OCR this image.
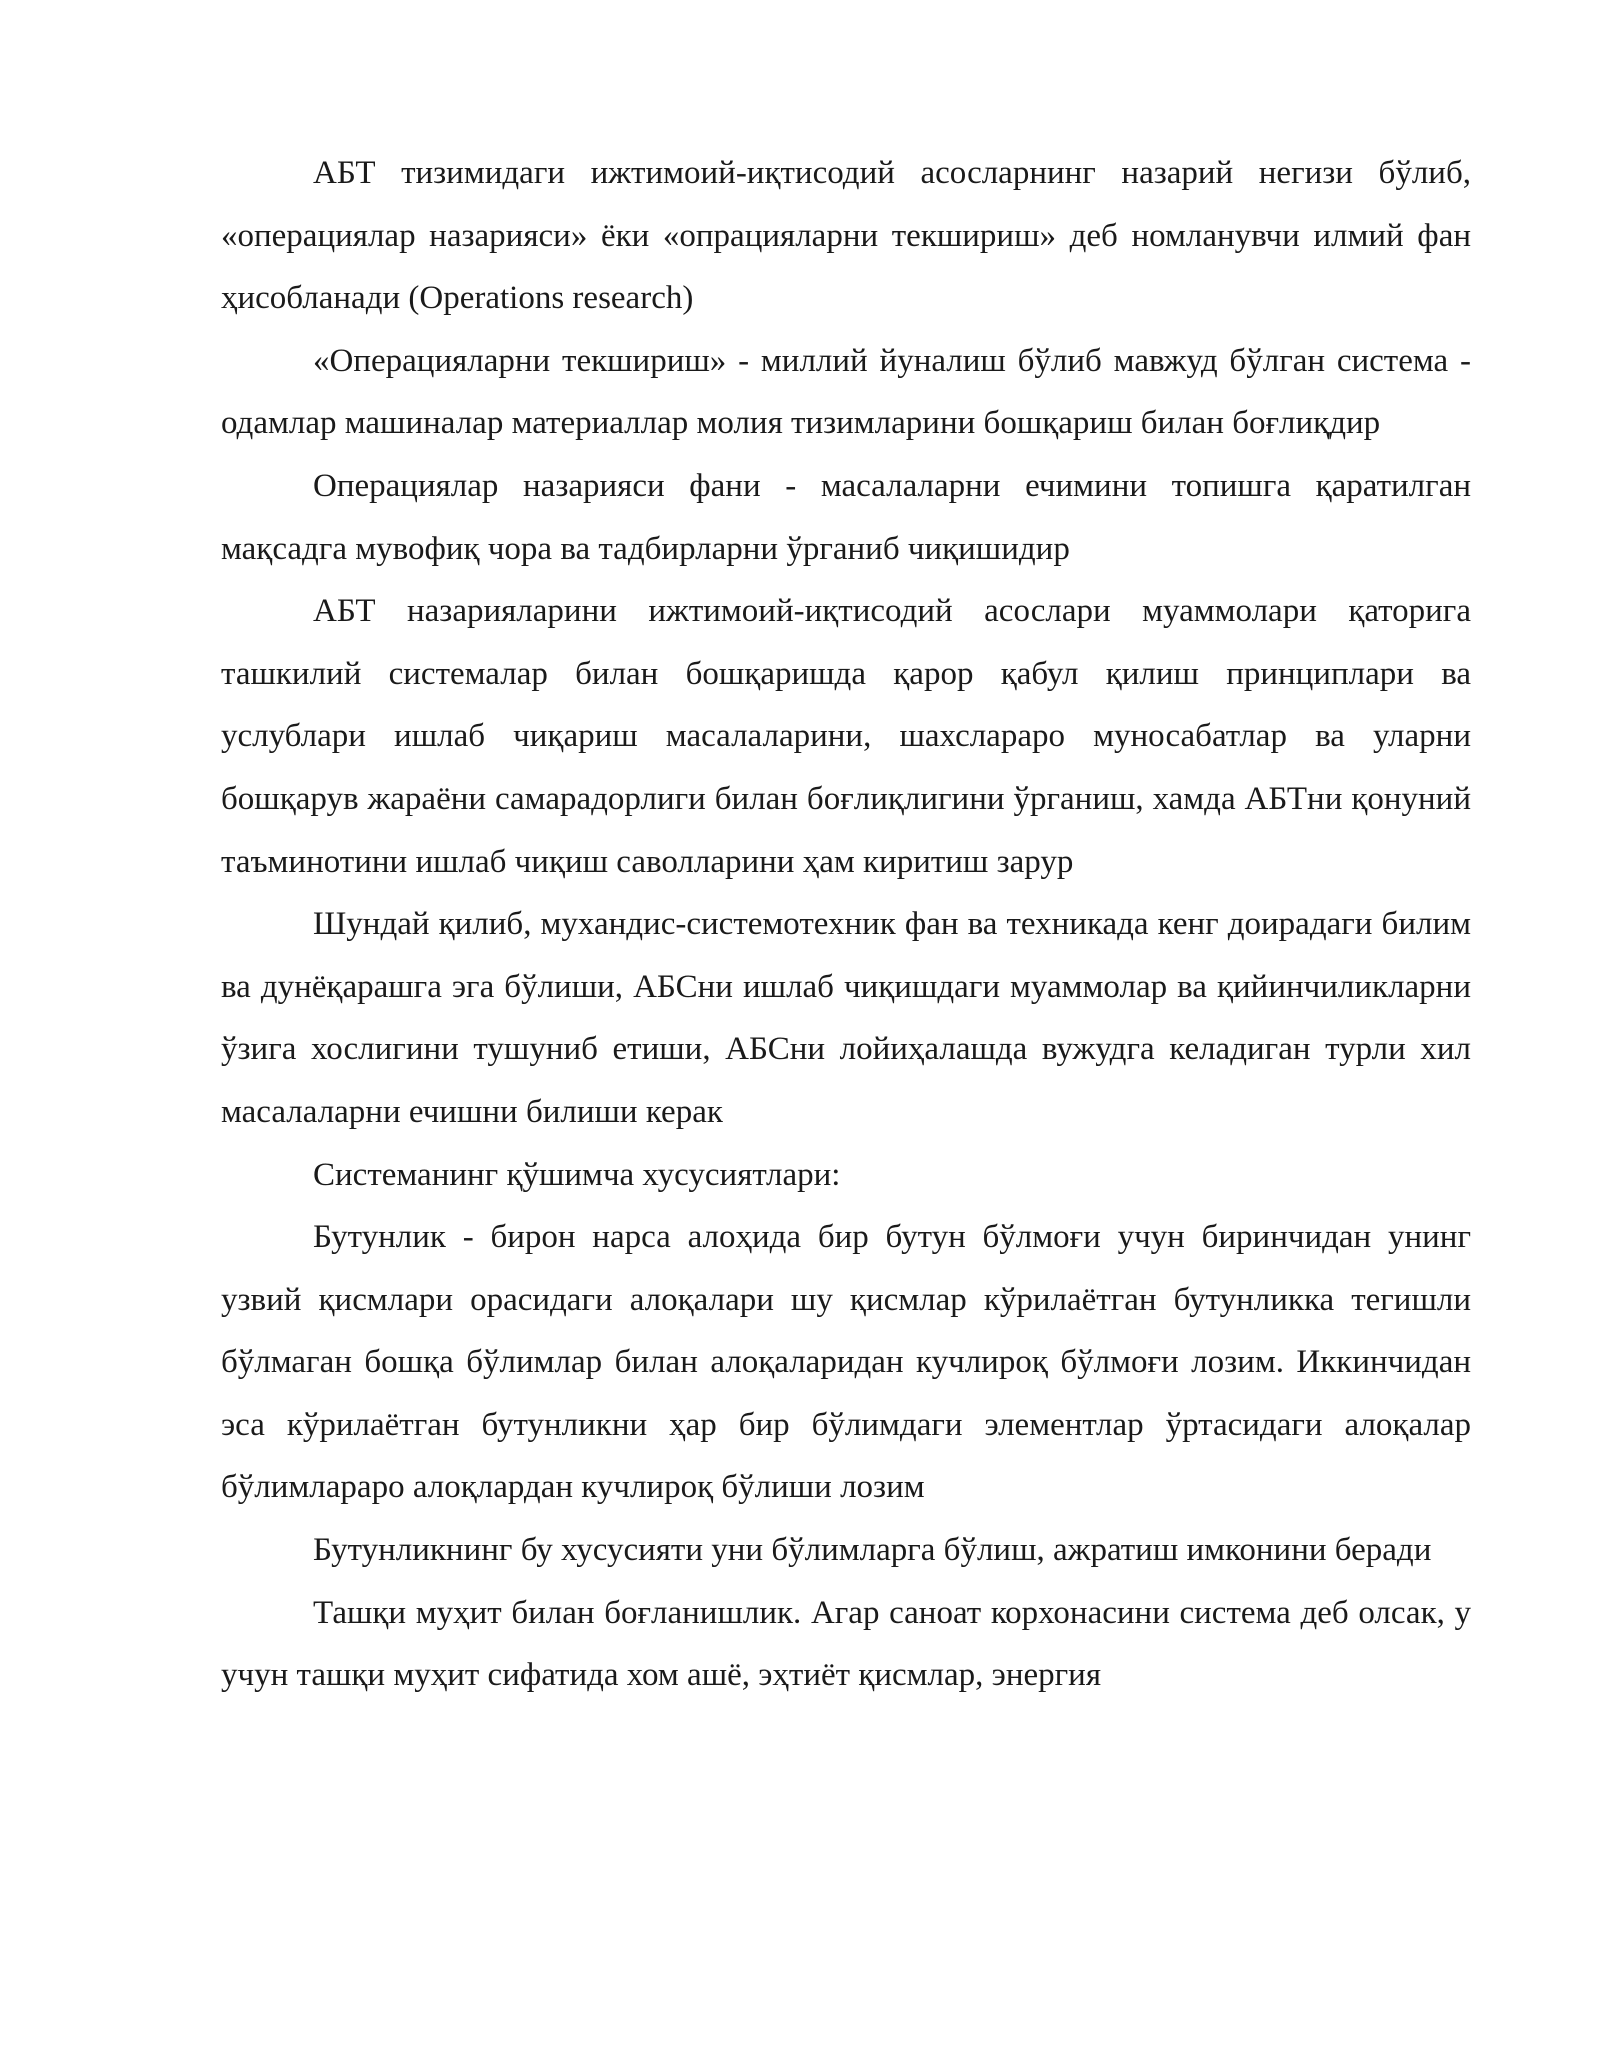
АБТ тизимидаги ижтимоий-иқтисодий асосларнинг назарий негизи бўлиб, «операциялар назарияси» ёки «опрацияларни текшириш» деб номланувчи илмий фан ҳисобланади (Operations research)

«Операцияларни текшириш» - миллий йуналиш бўлиб мавжуд бўлган система - одамлар машиналар материаллар молия тизимларини бошқариш билан боғлиқдир

Операциялар назарияси фани - масалаларни ечимини топишга қаратилган мақсадга мувофиқ чора ва тадбирларни ўрганиб чиқишидир

АБТ назарияларини ижтимоий-иқтисодий асослари муаммолари қаторига ташкилий системалар билан бошқаришда қарор қабул қилиш принциплари ва услублари ишлаб чиқариш масалаларини, шахслараро муносабатлар ва уларни бошқарув жараёни самарадорлиги билан боғлиқлигини ўрганиш, хамда АБТни қонуний таъминотини ишлаб чиқиш саволларини ҳам киритиш зарур

Шундай қилиб, мухандис-системотехник фан ва техникада кенг доирадаги билим ва дунёқарашга эга бўлиши, АБСни ишлаб чиқишдаги муаммолар ва қийинчиликларни ўзига хослигини тушуниб етиши, АБСни лойиҳалашда вужудга келадиган турли хил масалаларни ечишни билиши керак

Системанинг қўшимча хусусиятлари:

Бутунлик - бирон нарса алоҳида бир бутун бўлмоғи учун биринчидан унинг узвий қисмлари орасидаги алоқалари шу қисмлар кўрилаётган бутунликка тегишли бўлмаган бошқа бўлимлар билан алоқаларидан кучлироқ бўлмоғи лозим. Иккинчидан эса кўрилаётган бутунликни ҳар бир бўлимдаги элементлар ўртасидаги алоқалар бўлимлараро алоқлардан кучлироқ бўлиши лозим

Бутунликнинг бу хусусияти уни бўлимларга бўлиш, ажратиш имконини беради

Ташқи муҳит билан боғланишлик. Агар саноат корхонасини система деб олсак, у учун ташқи муҳит сифатида хом ашё, эҳтиёт қисмлар, энергия
